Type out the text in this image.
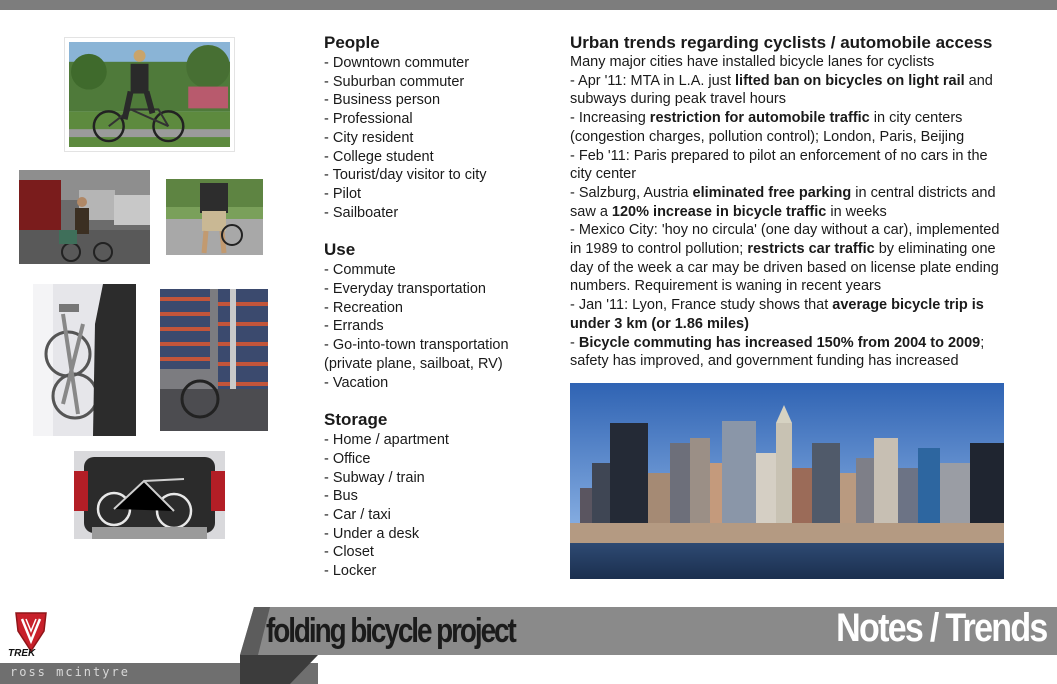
People
- Downtown commuter
- Suburban commuter
- Business person
- Professional
- City resident
- College student
- Tourist/day visitor to city
- Pilot
- Sailboater
Use
- Commute
- Everyday transportation
- Recreation
- Errands
- Go-into-town transportation (private plane, sailboat, RV)
- Vacation
Storage
- Home / apartment
- Office
- Subway / train
- Bus
- Car / taxi
- Under a desk
- Closet
- Locker
Urban trends regarding cyclists / automobile access
Many major cities have installed bicycle lanes for cyclists
- Apr '11: MTA in L.A. just lifted ban on bicycles on light rail and subways during peak travel hours
- Increasing restriction for automobile traffic in city centers (congestion charges, pollution control); London, Paris, Beijing
- Feb '11: Paris prepared to pilot an enforcement of no cars in the city center
- Salzburg, Austria eliminated free parking in central districts and saw a 120% increase in bicycle traffic in weeks
- Mexico City: 'hoy no circula' (one day without a car), implemented in 1989 to control pollution; restricts car traffic by eliminating one day of the week a car may be driven based on license plate ending numbers. Requirement is waning in recent years
- Jan '11: Lyon, France study shows that average bicycle trip is under 3 km (or 1.86 miles)
- Bicycle commuting has increased 150% from 2004 to 2009; safety has improved, and government funding has increased
folding bicycle project	Notes / Trends
TREK
ross mcintyre
